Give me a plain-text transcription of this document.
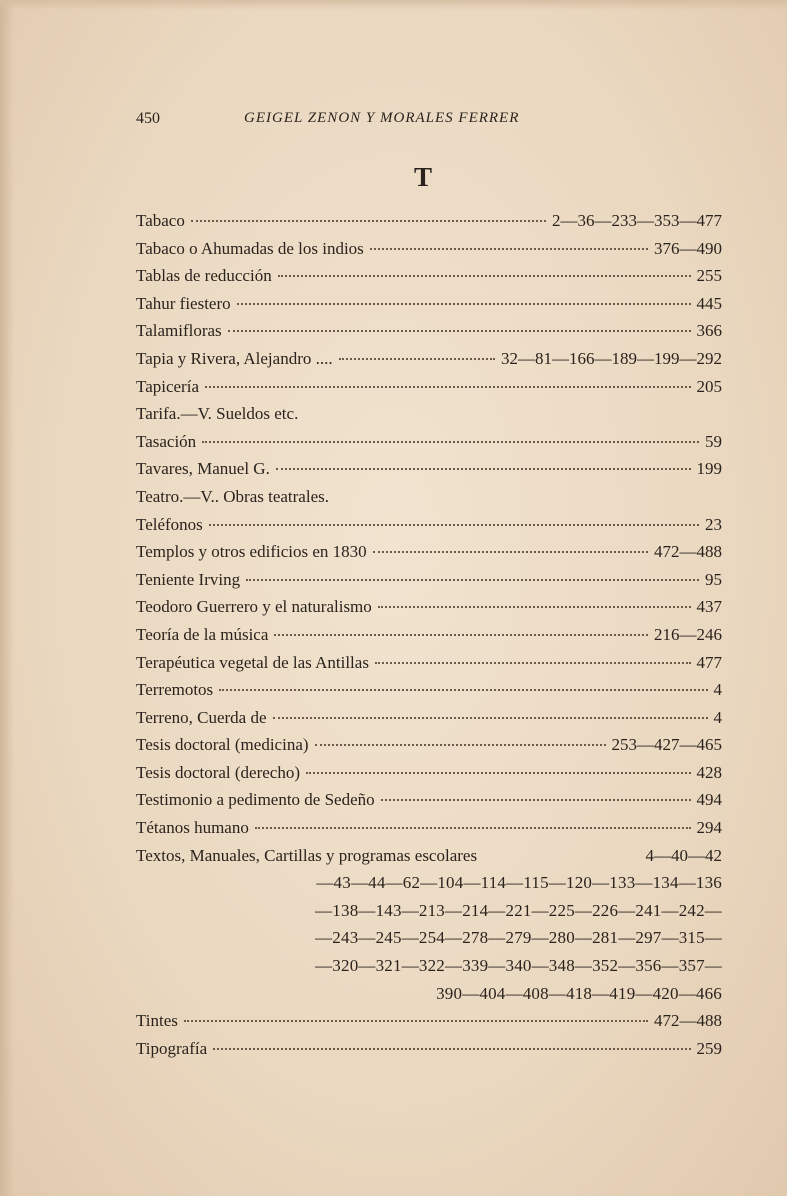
450	GEIGEL ZENON Y MORALES FERRER
T
Tabaco	2—36—233—353—477
Tabaco o Ahumadas de los indios	376—490
Tablas de reducción	255
Tahur fiestero	445
Talamifloras	366
Tapia y Rivera, Alejandro ....	32—81—166—189—199—292
Tapicería	205
Tarifa.—V. Sueldos etc.
Tasación	59
Tavares, Manuel G.	199
Teatro.—V.. Obras teatrales.
Teléfonos	23
Templos y otros edificios en 1830	472—488
Teniente Irving	95
Teodoro Guerrero y el naturalismo	437
Teoría de la música	216—246
Terapéutica vegetal de las Antillas	477
Terremotos	4
Terreno, Cuerda de	4
Tesis doctoral (medicina)	253—427—465
Tesis doctoral (derecho)	428
Testimonio a pedimento de Sedeño	494
Tétanos humano	294
Textos, Manuales, Cartillas y programas escolares	4—40—42
—43—44—62—104—114—115—120—133—134—136
—138—143—213—214—221—225—226—241—242—
—243—245—254—278—279—280—281—297—315—
—320—321—322—339—340—348—352—356—357—
390—404—408—418—419—420—466
Tintes	472—488
Tipografía	259
